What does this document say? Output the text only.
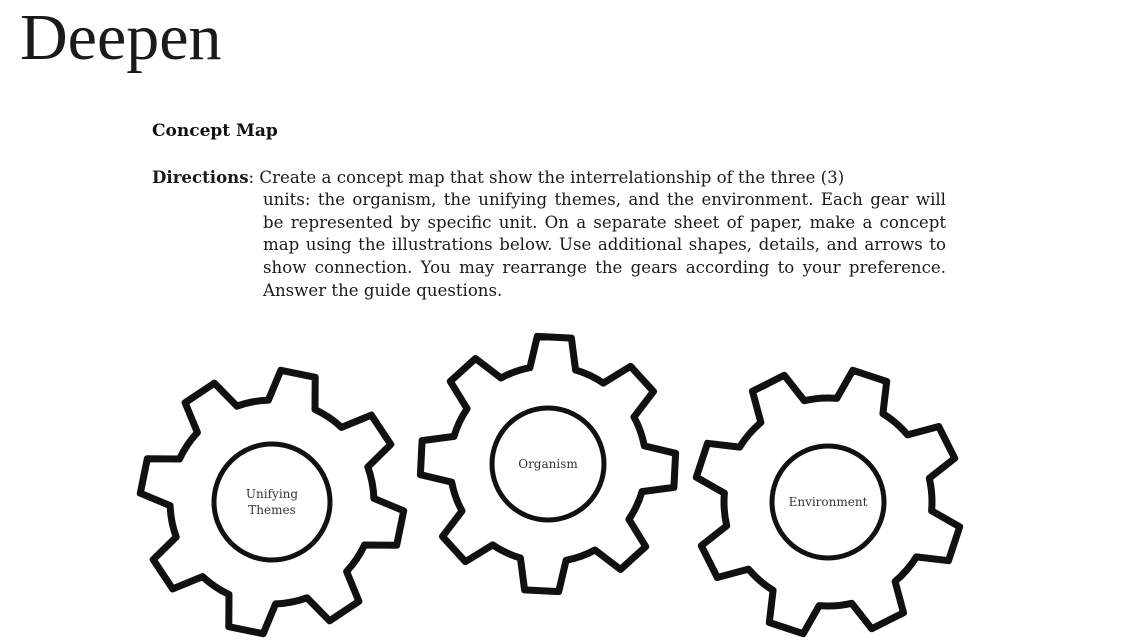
Deepen
Concept Map
Directions: Create a concept map that show the interrelationship of the three (3)

units: the organism, the unifying themes, and the environment. Each gear will be represented by specific unit. On a separate sheet of paper, make a concept map using the illustrations below. Use additional shapes, details, and arrows to show connection. You may rearrange the gears according to your preference. Answer the guide questions.

Unifying
Themes
Organism
Environment
